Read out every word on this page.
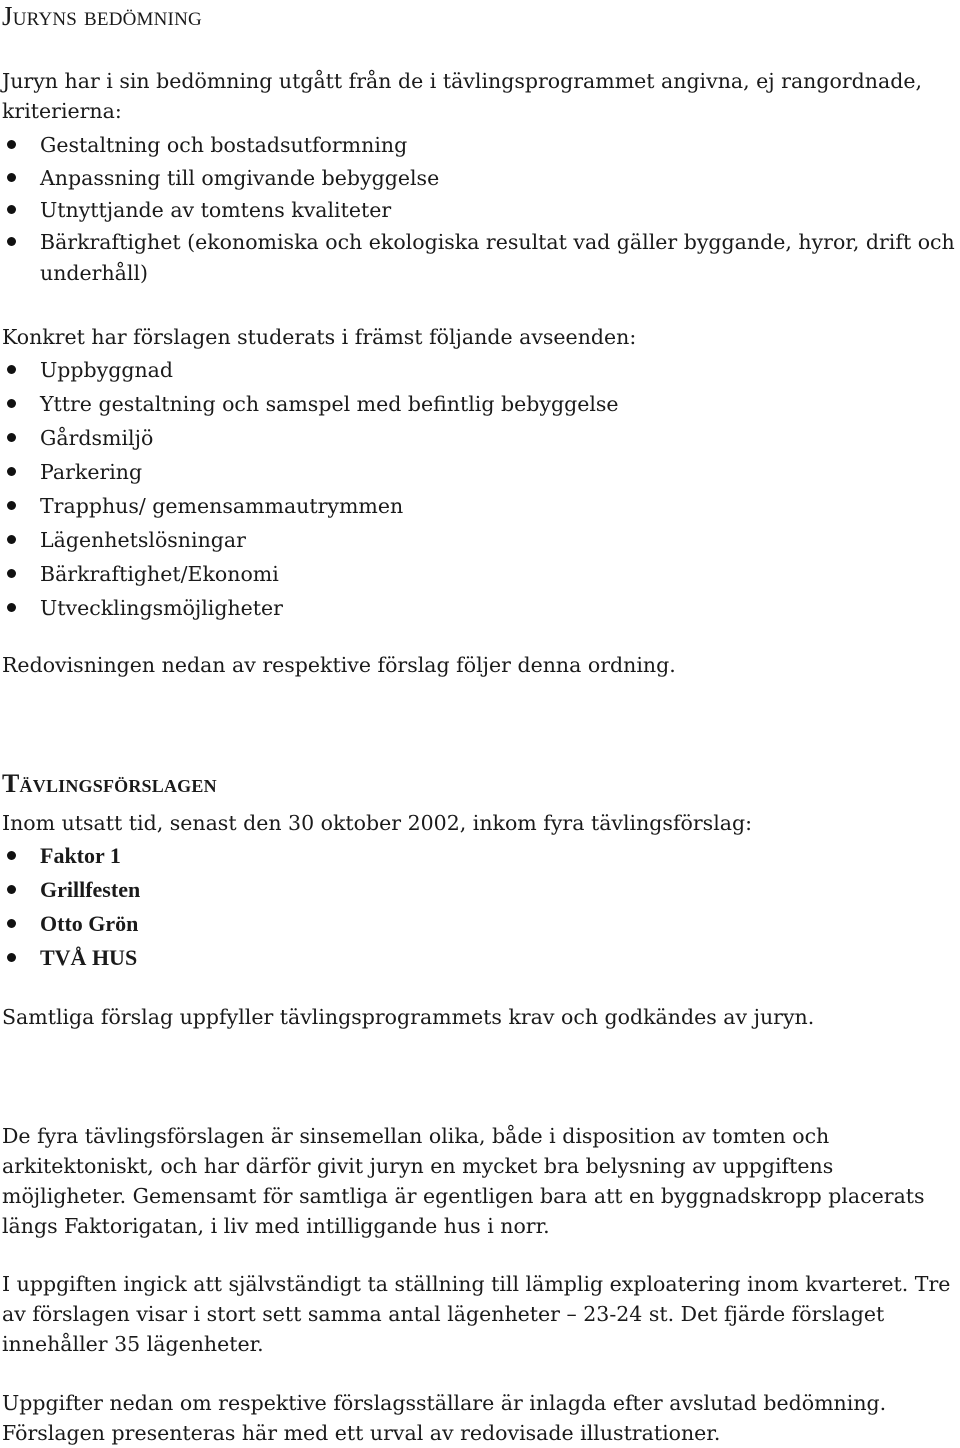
Juryns bedömning

Juryn har i sin bedömning utgått från de i tävlingsprogrammet angivna, ej rangordnade, kriterierna:

Gestaltning och bostadsutformning
Anpassning till omgivande bebyggelse
Utnyttjande av tomtens kvaliteter
Bärkraftighet (ekonomiska och ekologiska resultat vad gäller byggande, hyror, drift och underhåll)

Konkret har förslagen studerats i främst följande avseenden:

Uppbyggnad
Yttre gestaltning och samspel med befintlig bebyggelse
Gårdsmiljö
Parkering
Trapphus/ gemensammautrymmen
Lägenhetslösningar
Bärkraftighet/Ekonomi
Utvecklingsmöjligheter

Redovisningen nedan av respektive förslag följer denna ordning.

Tävlingsförslagen

Inom utsatt tid, senast den 30 oktober 2002, inkom fyra tävlingsförslag:

Faktor 1
Grillfesten
Otto Grön
TVÅ HUS

Samtliga förslag uppfyller tävlingsprogrammets krav och godkändes av juryn.

De fyra tävlingsförslagen är sinsemellan olika, både i disposition av tomten och arkitektoniskt, och har därför givit juryn en mycket bra belysning av uppgiftens möjligheter. Gemensamt för samtliga är egentligen bara att en byggnadskropp placerats längs Faktorigatan, i liv med intilliggande hus i norr.

I uppgiften ingick att självständigt ta ställning till lämplig exploatering inom kvarteret. Tre av förslagen visar i stort sett samma antal lägenheter – 23-24 st. Det fjärde förslaget innehåller 35 lägenheter.

Uppgifter nedan om respektive förslagsställare är inlagda efter avslutad bedömning. Förslagen presenteras här med ett urval av redovisade illustrationer.
